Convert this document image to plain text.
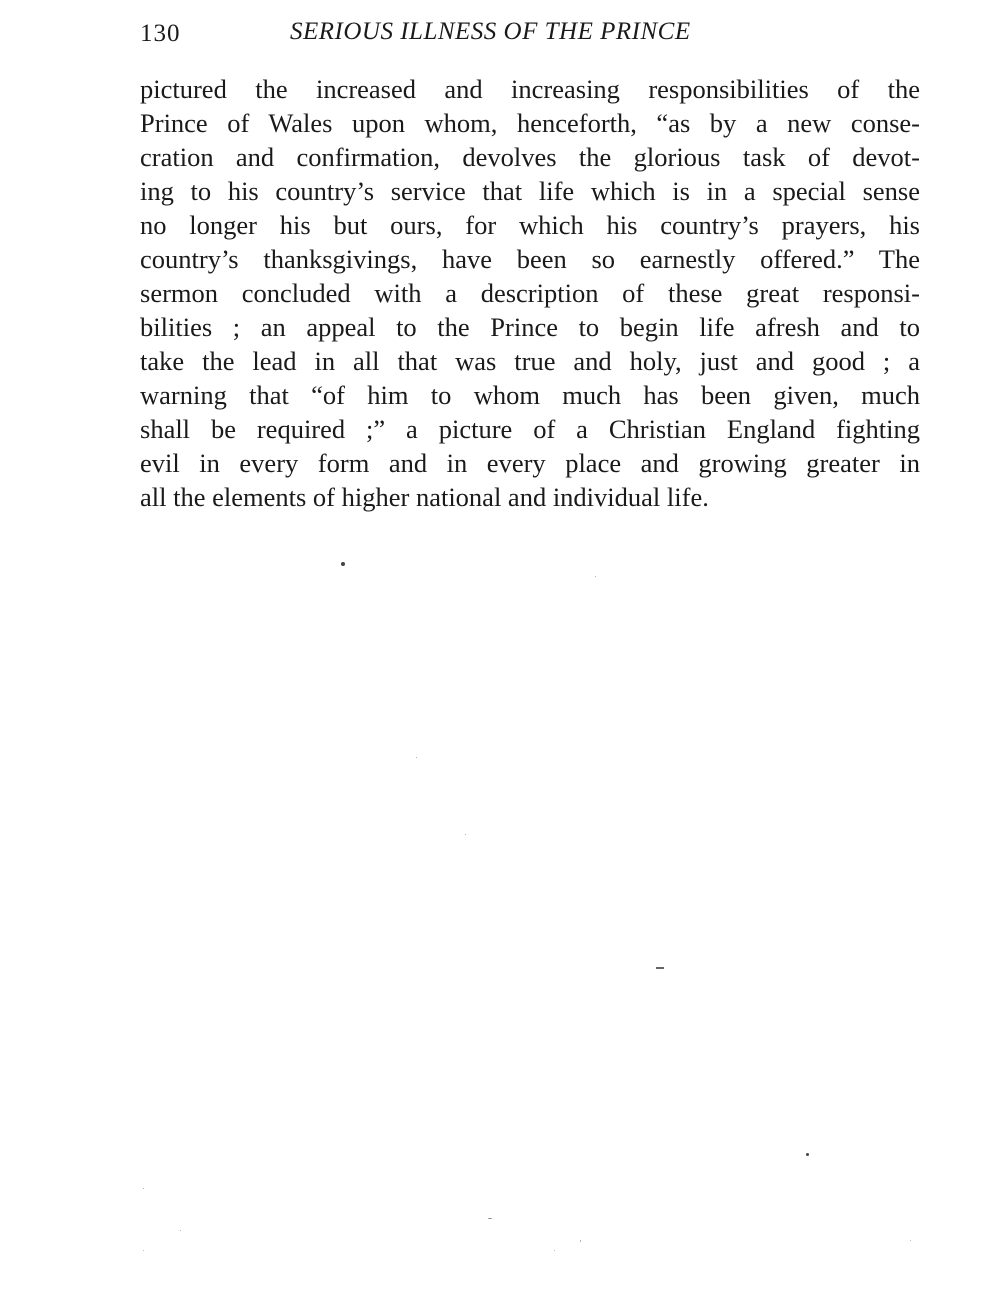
130	SERIOUS ILLNESS OF THE PRINCE
pictured the increased and increasing responsibilities of the
Prince of Wales upon whom, henceforth, “as by a new conse-
cration and confirmation, devolves the glorious task of devot-
ing to his country’s service that life which is in a special sense
no longer his but ours, for which his country’s prayers, his
country’s thanksgivings, have been so earnestly offered.” The
sermon concluded with a description of these great responsi-
bilities ; an appeal to the Prince to begin life afresh and to
take the lead in all that was true and holy, just and good ; a
warning that “of him to whom much has been given, much
shall be required ;” a picture of a Christian England fighting
evil in every form and in every place and growing greater in
all the elements of higher national and individual life.
